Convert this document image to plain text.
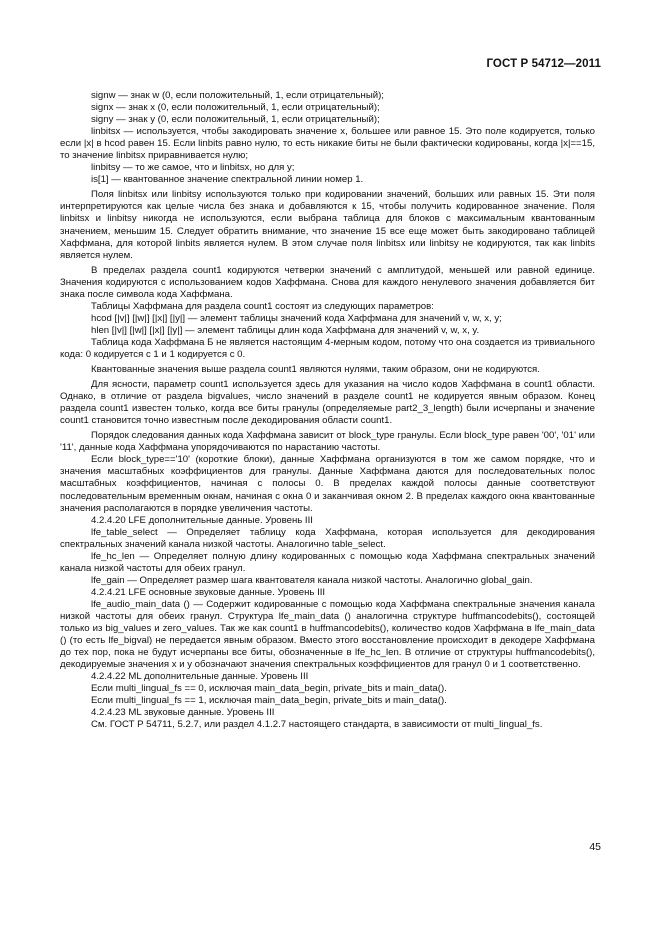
ГОСТ Р 54712—2011

signw — знак w (0, если положительный, 1, если отрицательный);

signx — знак x (0, если положительный, 1, если отрицательный);

signy — знак y (0, если положительный, 1, если отрицательный);

linbitsx — используется, чтобы закодировать значение x, большее или равное 15. Это поле кодируется, только если |x| в hcod равен 15. Если linbits равно нулю, то есть никакие биты не были фактически кодированы, когда |x|==15, то значение linbitsx приравнивается нулю;

linbitsy — то же самое, что и linbitsx, но для y;

is[1] — квантованное значение спектральной линии номер 1.

Поля linbitsx или linbitsy используются только при кодировании значений, больших или равных 15. Эти поля интерпретируются как целые числа без знака и добавляются к 15, чтобы получить кодированное значение. Поля linbitsx и linbitsy никогда не используются, если выбрана таблица для блоков с максимальным квантованным значением, меньшим 15. Следует обратить внимание, что значение 15 все еще может быть закодировано таблицей Хаффмана, для которой linbits является нулем. В этом случае поля linbitsx или linbitsy не кодируются, так как linbits является нулем.

В пределах раздела count1 кодируются четверки значений с амплитудой, меньшей или равной единице. Значения кодируются с использованием кодов Хаффмана. Снова для каждого ненулевого значения добавляется бит знака после символа кода Хаффмана.

Таблицы Хаффмана для раздела count1 состоят из следующих параметров:

hcod [|v|] [|w|] [|x|] [|y|] — элемент таблицы значений кода Хаффмана для значений v, w, x, y;

hlen [|v|] [|w|] [|x|] [|y|] — элемент таблицы длин кода Хаффмана для значений v, w, x, y.

Таблица кода Хаффмана Б не является настоящим 4-мерным кодом, потому что она создается из тривиального кода: 0 кодируется с 1 и 1 кодируется с 0.

Квантованные значения выше раздела count1 являются нулями, таким образом, они не кодируются.

Для ясности, параметр count1 используется здесь для указания на число кодов Хаффмана в count1 области. Однако, в отличие от раздела bigvalues, число значений в разделе count1 не кодируется явным образом. Конец раздела count1 известен только, когда все биты гранулы (определяемые part2_3_length) были исчерпаны и значение count1 становится точно известным после декодирования области count1.

Порядок следования данных кода Хаффмана зависит от block_type гранулы. Если block_type равен '00', '01' или '11', данные кода Хаффмана упорядочиваются по нарастанию частоты.

Если block_type=='10' (короткие блоки), данные Хаффмана организуются в том же самом порядке, что и значения масштабных коэффициентов для гранулы. Данные Хаффмана даются для последовательных полос масштабных коэффициентов, начиная с полосы 0. В пределах каждой полосы данные соответствуют последовательным временным окнам, начиная с окна 0 и заканчивая окном 2. В пределах каждого окна квантованные значения располагаются в порядке увеличения частоты.

4.2.4.20 LFE дополнительные данные. Уровень III

lfe_table_select — Определяет таблицу кода Хаффмана, которая используется для декодирования спектральных значений канала низкой частоты. Аналогично table_select.

lfe_hc_len — Определяет полную длину кодированных с помощью кода Хаффмана спектральных значений канала низкой частоты для обеих гранул.

lfe_gain — Определяет размер шага квантователя канала низкой частоты. Аналогично global_gain.

4.2.4.21 LFE основные звуковые данные. Уровень III

lfe_audio_main_data () — Содержит кодированные с помощью кода Хаффмана спектральные значения канала низкой частоты для обеих гранул. Структура lfe_main_data () аналогична структуре huffmancodebits(), состоящей только из big_values и zero_values. Так же как count1 в huffmancodebits(), количество кодов Хаффмана в lfe_main_data () (то есть lfe_bigval) не передается явным образом. Вместо этого восстановление происходит в декодере Хаффмана до тех пор, пока не будут исчерпаны все биты, обозначенные в lfe_hc_len. В отличие от структуры huffmancodebits(), декодируемые значения x и y обозначают значения спектральных коэффициентов для гранул 0 и 1 соответственно.

4.2.4.22 ML дополнительные данные. Уровень III

Если multi_lingual_fs == 0, исключая main_data_begin, private_bits и main_data().

Если multi_lingual_fs == 1, исключая main_data_begin, private_bits и main_data().

4.2.4.23 ML звуковые данные. Уровень III

См. ГОСТ Р 54711, 5.2.7, или раздел 4.1.2.7 настоящего стандарта, в зависимости от multi_lingual_fs.

45
